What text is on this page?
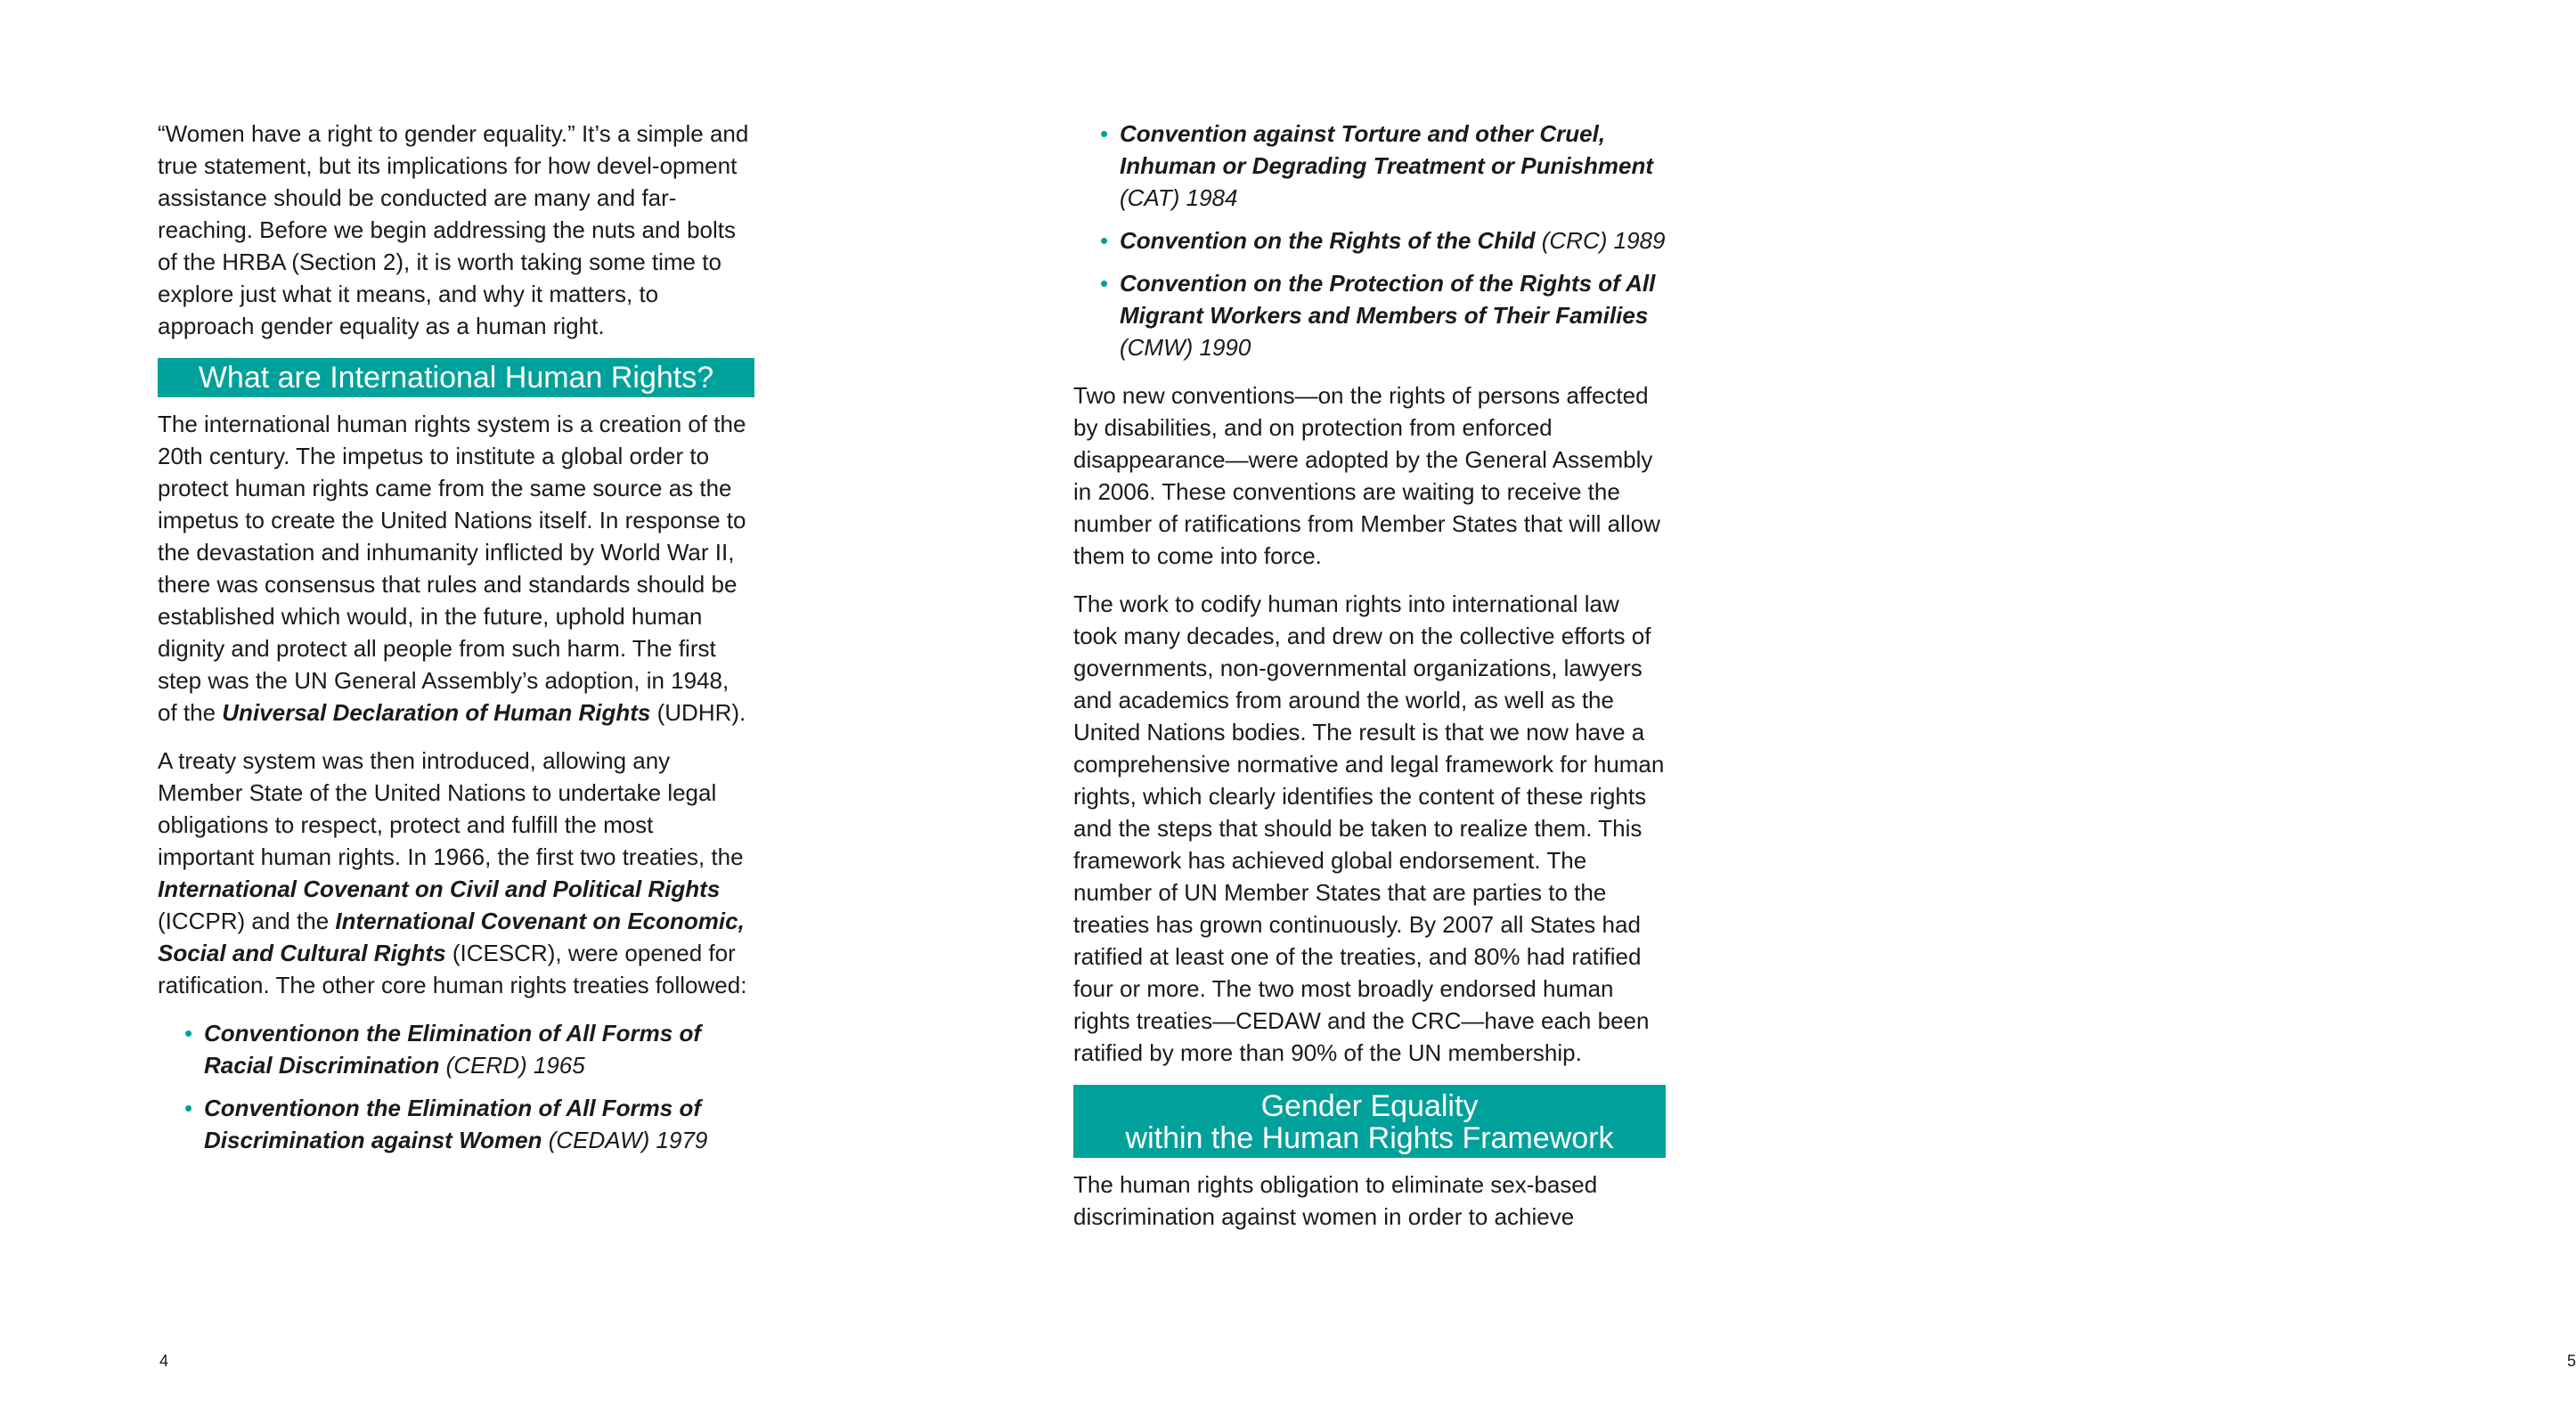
“Women have a right to gender equality.” It’s a simple and true statement, but its implications for how devel-opment assistance should be conducted are many and far-reaching. Before we begin addressing the nuts and bolts of the HRBA (Section 2), it is worth taking some time to explore just what it means, and why it matters, to approach gender equality as a human right.

What are International Human Rights?

The international human rights system is a creation of the 20th century. The impetus to institute a global order to protect human rights came from the same source as the impetus to create the United Nations itself. In response to the devastation and inhumanity inflicted by World War II, there was consensus that rules and standards should be established which would, in the future, uphold human dignity and protect all people from such harm. The first step was the UN General Assembly’s adoption, in 1948, of the Universal Declaration of Human Rights (UDHR).

A treaty system was then introduced, allowing any Member State of the United Nations to undertake legal obligations to respect, protect and fulfill the most important human rights. In 1966, the first two treaties, the International Covenant on Civil and Political Rights (ICCPR) and the International Covenant on Economic, Social and Cultural Rights (ICESCR), were opened for ratification. The other core human rights treaties followed:

• Conventionon the Elimination of All Forms of Racial Discrimination (CERD) 1965
• Conventionon the Elimination of All Forms of Discrimination against Women (CEDAW) 1979
4
• Convention against Torture and other Cruel, Inhuman or Degrading Treatment or Punishment (CAT) 1984
• Convention on the Rights of the Child (CRC) 1989
• Convention on the Protection of the Rights of All Migrant Workers and Members of Their Families (CMW) 1990

Two new conventions—on the rights of persons affected by disabilities, and on protection from enforced disappearance—were adopted by the General Assembly in 2006. These conventions are waiting to receive the number of ratifications from Member States that will allow them to come into force.

The work to codify human rights into international law took many decades, and drew on the collective efforts of governments, non-governmental organizations, lawyers and academics from around the world, as well as the United Nations bodies. The result is that we now have a comprehensive normative and legal framework for human rights, which clearly identifies the content of these rights and the steps that should be taken to realize them. This framework has achieved global endorsement. The number of UN Member States that are parties to the treaties has grown continuously. By 2007 all States had ratified at least one of the treaties, and 80% had ratified four or more. The two most broadly endorsed human rights treaties—CEDAW and the CRC—have each been ratified by more than 90% of the UN membership.

Gender Equality
within the Human Rights Framework

The human rights obligation to eliminate sex-based discrimination against women in order to achieve

5
